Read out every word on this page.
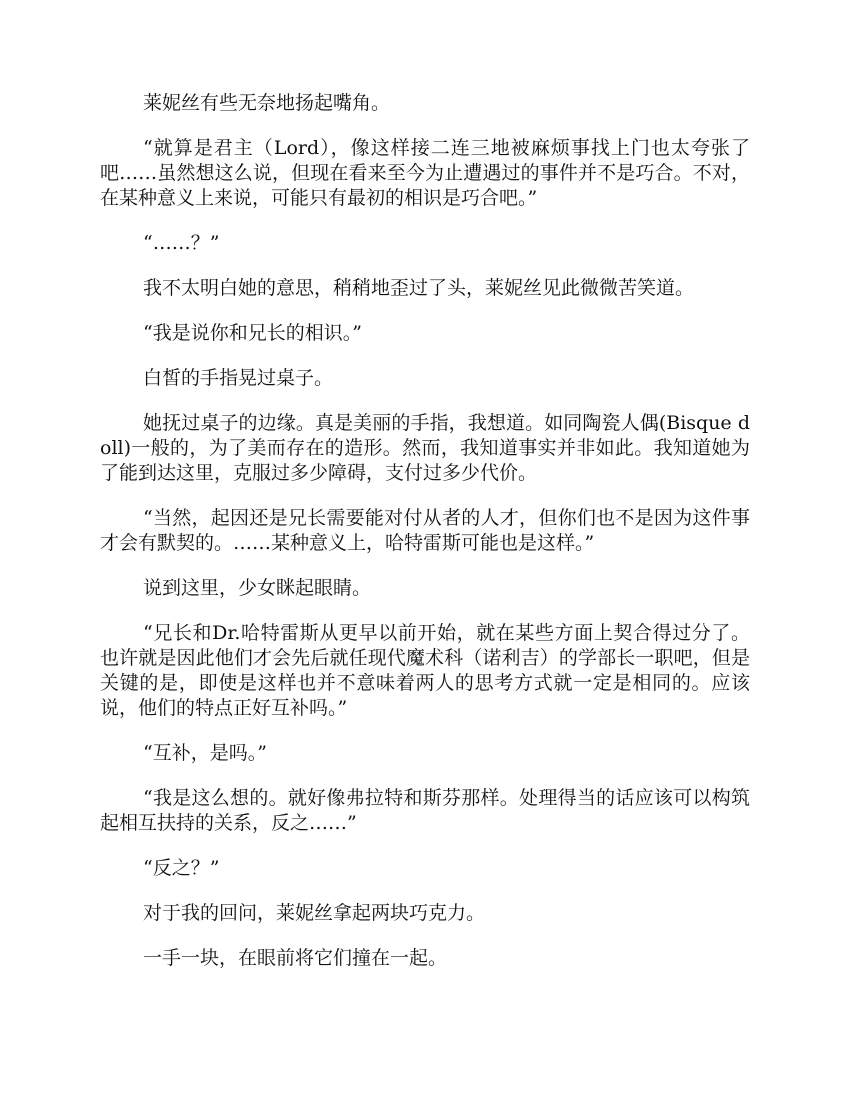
莱妮丝有些无奈地扬起嘴角。

“就算是君主（Lord），像这样接二连三地被麻烦事找上门也太夸张了吧……虽然想这么说，但现在看来至今为止遭遇过的事件并不是巧合。不对，在某种意义上来说，可能只有最初的相识是巧合吧。”

“……？”

我不太明白她的意思，稍稍地歪过了头，莱妮丝见此微微苦笑道。

“我是说你和兄长的相识。”

白皙的手指晃过桌子。

她抚过桌子的边缘。真是美丽的手指，我想道。如同陶瓷人偶(Bisque doll)一般的，为了美而存在的造形。然而，我知道事实并非如此。我知道她为了能到达这里，克服过多少障碍，支付过多少代价。

“当然，起因还是兄长需要能对付从者的人才，但你们也不是因为这件事才会有默契的。……某种意义上，哈特雷斯可能也是这样。”

说到这里，少女眯起眼睛。

“兄长和Dr.哈特雷斯从更早以前开始，就在某些方面上契合得过分了。也许就是因此他们才会先后就任现代魔术科（诺利吉）的学部长一职吧，但是关键的是，即使是这样也并不意味着两人的思考方式就一定是相同的。应该说，他们的特点正好互补吗。”

“互补，是吗。”

“我是这么想的。就好像弗拉特和斯芬那样。处理得当的话应该可以构筑起相互扶持的关系，反之……”

“反之？”

对于我的回问，莱妮丝拿起两块巧克力。

一手一块，在眼前将它们撞在一起。
